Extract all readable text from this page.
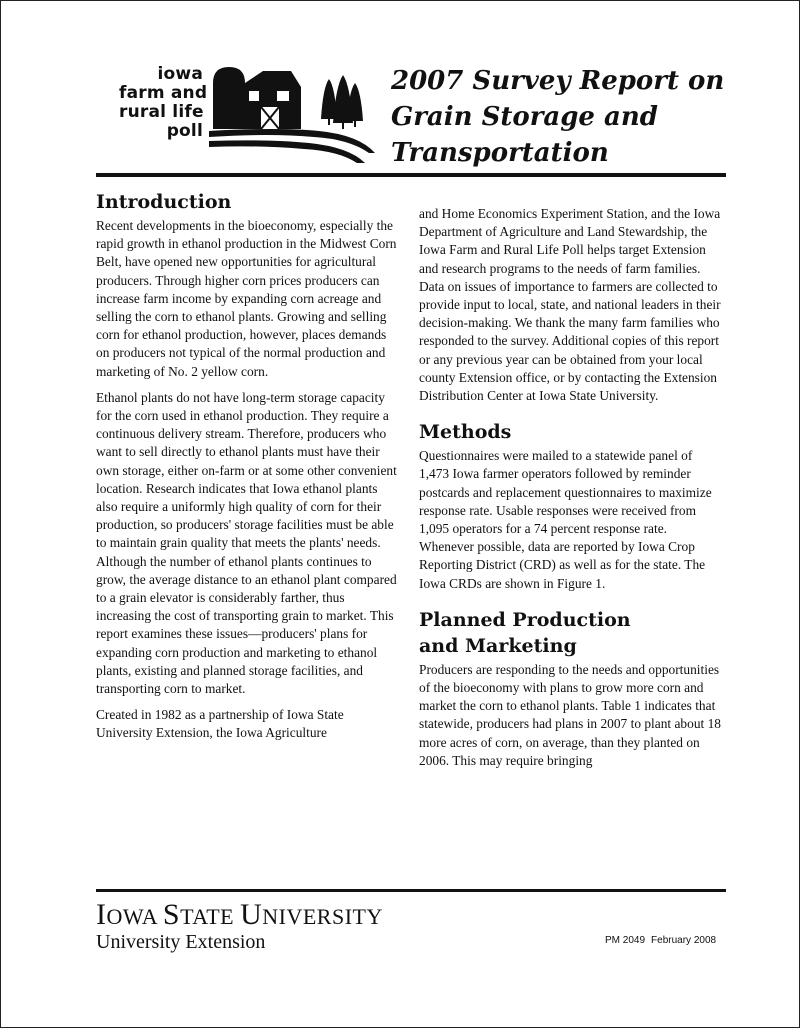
iowa
farm and
rural life
poll
2007 Survey Report on
Grain Storage and
Transportation
Introduction

Recent developments in the bioeconomy, especially the rapid growth in ethanol production in the Midwest Corn Belt, have opened new opportunities for agricultural producers. Through higher corn prices producers can increase farm income by expanding corn acreage and selling the corn to ethanol plants. Growing and selling corn for ethanol production, however, places demands on producers not typical of the normal production and marketing of No. 2 yellow corn.

Ethanol plants do not have long-term storage capacity for the corn used in ethanol production. They require a continuous delivery stream. Therefore, producers who want to sell directly to ethanol plants must have their own storage, either on-farm or at some other convenient location. Research indicates that Iowa ethanol plants also require a uniformly high quality of corn for their production, so producers' storage facilities must be able to maintain grain quality that meets the plants' needs. Although the number of ethanol plants continues to grow, the average distance to an ethanol plant compared to a grain elevator is considerably farther, thus increasing the cost of transporting grain to market. This report examines these issues—producers' plans for expanding corn production and marketing to ethanol plants, existing and planned storage facilities, and transporting corn to market.

Created in 1982 as a partnership of Iowa State University Extension, the Iowa Agriculture

and Home Economics Experiment Station, and the Iowa Department of Agriculture and Land Stewardship, the Iowa Farm and Rural Life Poll helps target Extension and research programs to the needs of farm families. Data on issues of importance to farmers are collected to provide input to local, state, and national leaders in their decision-making. We thank the many farm families who responded to the survey. Additional copies of this report or any previous year can be obtained from your local county Extension office, or by contacting the Extension Distribution Center at Iowa State University.

Methods

Questionnaires were mailed to a statewide panel of 1,473 Iowa farmer operators followed by reminder postcards and replacement questionnaires to maximize response rate. Usable responses were received from 1,095 operators for a 74 percent response rate. Whenever possible, data are reported by Iowa Crop Reporting District (CRD) as well as for the state. The Iowa CRDs are shown in Figure 1.

Planned Production
and Marketing

Producers are responding to the needs and opportunities of the bioeconomy with plans to grow more corn and market the corn to ethanol plants. Table 1 indicates that statewide, producers had plans in 2007 to plant about 18 more acres of corn, on average, than they planted on 2006. This may require bringing

IOWA STATE UNIVERSITY
University Extension	PM 2049 February 2008
